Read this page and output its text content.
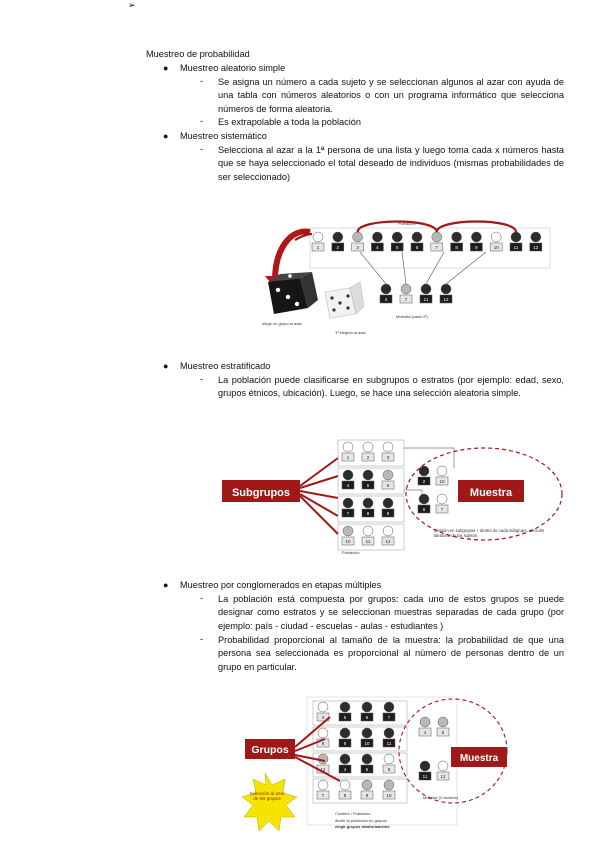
➢
Muestreo de probabilidad
● Muestreo aleatorio simple
- Se asigna un número a cada sujeto y se seleccionan algunos al azar con ayuda de una tabla con números aleatorios o con un programa informático que selecciona números de forma aleatoria.
- Es extrapolable a toda la población
● Muestreo sistemático
- Selecciona al azar a la 1ª persona de una lista y luego toma cada x números hasta que se haya seleccionado el total deseado de individuos (mismas probabilidades de ser seleccionado)
● Muestreo estratificado
- La población puede clasificarse en subgrupos o estratos (por ejemplo: edad, sexo, grupos étnicos, ubicación). Luego, se hace una selección aleatoria simple.
● Muestreo por conglomerados en etapas múltiples
- La población está compuesta por grupos: cada uno de estos grupos se puede designar como estratos y se seleccionan muestras separadas de cada grupo (por ejemplo: país - ciudad - escuelas - aulas - estudiantes )
- Probabilidad proporcional al tamaño de la muestra: la probabilidad de que una persona sea seleccionada es proporcional al número de personas dentro de un grupo en particular.
Población
1	2	3	4	5	6	7	8	9	10	11	12
3	7	11	12
Muestra (cada 4º)
elegir un grupo al azar
1º elegido al azar
Subgrupos
1	2	3
4	5	6
7	8	9
10	11	12
2	10
6	7
Muestra
Población
División en subgrupos + dentro de cada subgrupo, elección aleatoria de los sujetos
4	5	6	7
8	9	10	11
12	4	5	6
7	8	9	10
Grupos
4	5
11	12
Muestra
Muestra (2 clusters)
Selección al azar de los grupos
Clusters / Población
dividir la población en grupos
elegir grupos aleatoriamente
